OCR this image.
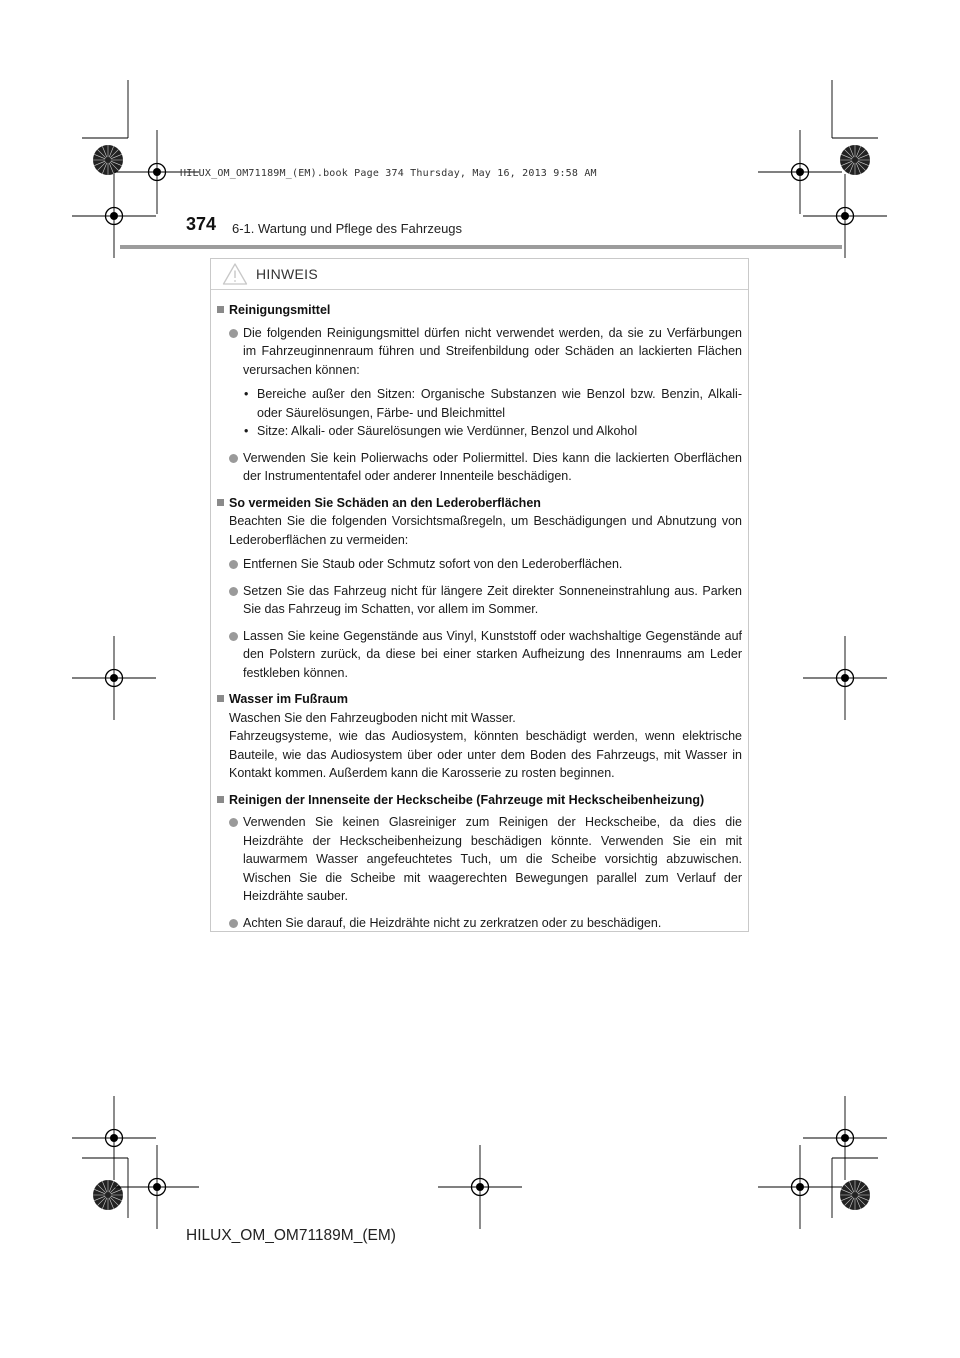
HILUX_OM_OM71189M_(EM).book Page 374 Thursday, May 16, 2013 9:58 AM
374 6-1. Wartung und Pflege des Fahrzeugs
HINWEIS
Reinigungsmittel
Die folgenden Reinigungsmittel dürfen nicht verwendet werden, da sie zu Verfärbungen im Fahrzeuginnenraum führen und Streifenbildung oder Schäden an lackierten Flächen verursachen können:
• Bereiche außer den Sitzen: Organische Substanzen wie Benzol bzw. Benzin, Alkali- oder Säurelösungen, Färbe- und Bleichmittel
• Sitze: Alkali- oder Säurelösungen wie Verdünner, Benzol und Alkohol
Verwenden Sie kein Polierwachs oder Poliermittel. Dies kann die lackierten Oberflächen der Instrumententafel oder anderer Innenteile beschädigen.
So vermeiden Sie Schäden an den Lederoberflächen
Beachten Sie die folgenden Vorsichtsmaßregeln, um Beschädigungen und Abnutzung von Lederoberflächen zu vermeiden:
Entfernen Sie Staub oder Schmutz sofort von den Lederoberflächen.
Setzen Sie das Fahrzeug nicht für längere Zeit direkter Sonneneinstrahlung aus. Parken Sie das Fahrzeug im Schatten, vor allem im Sommer.
Lassen Sie keine Gegenstände aus Vinyl, Kunststoff oder wachshaltige Gegenstände auf den Polstern zurück, da diese bei einer starken Aufheizung des Innenraums am Leder festkleben können.
Wasser im Fußraum
Waschen Sie den Fahrzeugboden nicht mit Wasser.
Fahrzeugsysteme, wie das Audiosystem, könnten beschädigt werden, wenn elektrische Bauteile, wie das Audiosystem über oder unter dem Boden des Fahrzeugs, mit Wasser in Kontakt kommen. Außerdem kann die Karosserie zu rosten beginnen.
Reinigen der Innenseite der Heckscheibe (Fahrzeuge mit Heckscheibenheizung)
Verwenden Sie keinen Glasreiniger zum Reinigen der Heckscheibe, da dies die Heizdrähte der Heckscheibenheizung beschädigen könnte. Verwenden Sie ein mit lauwarmem Wasser angefeuchtetes Tuch, um die Scheibe vorsichtig abzuwischen. Wischen Sie die Scheibe mit waagerechten Bewegungen parallel zum Verlauf der Heizdrähte sauber.
Achten Sie darauf, die Heizdrähte nicht zu zerkratzen oder zu beschädigen.
HILUX_OM_OM71189M_(EM)
